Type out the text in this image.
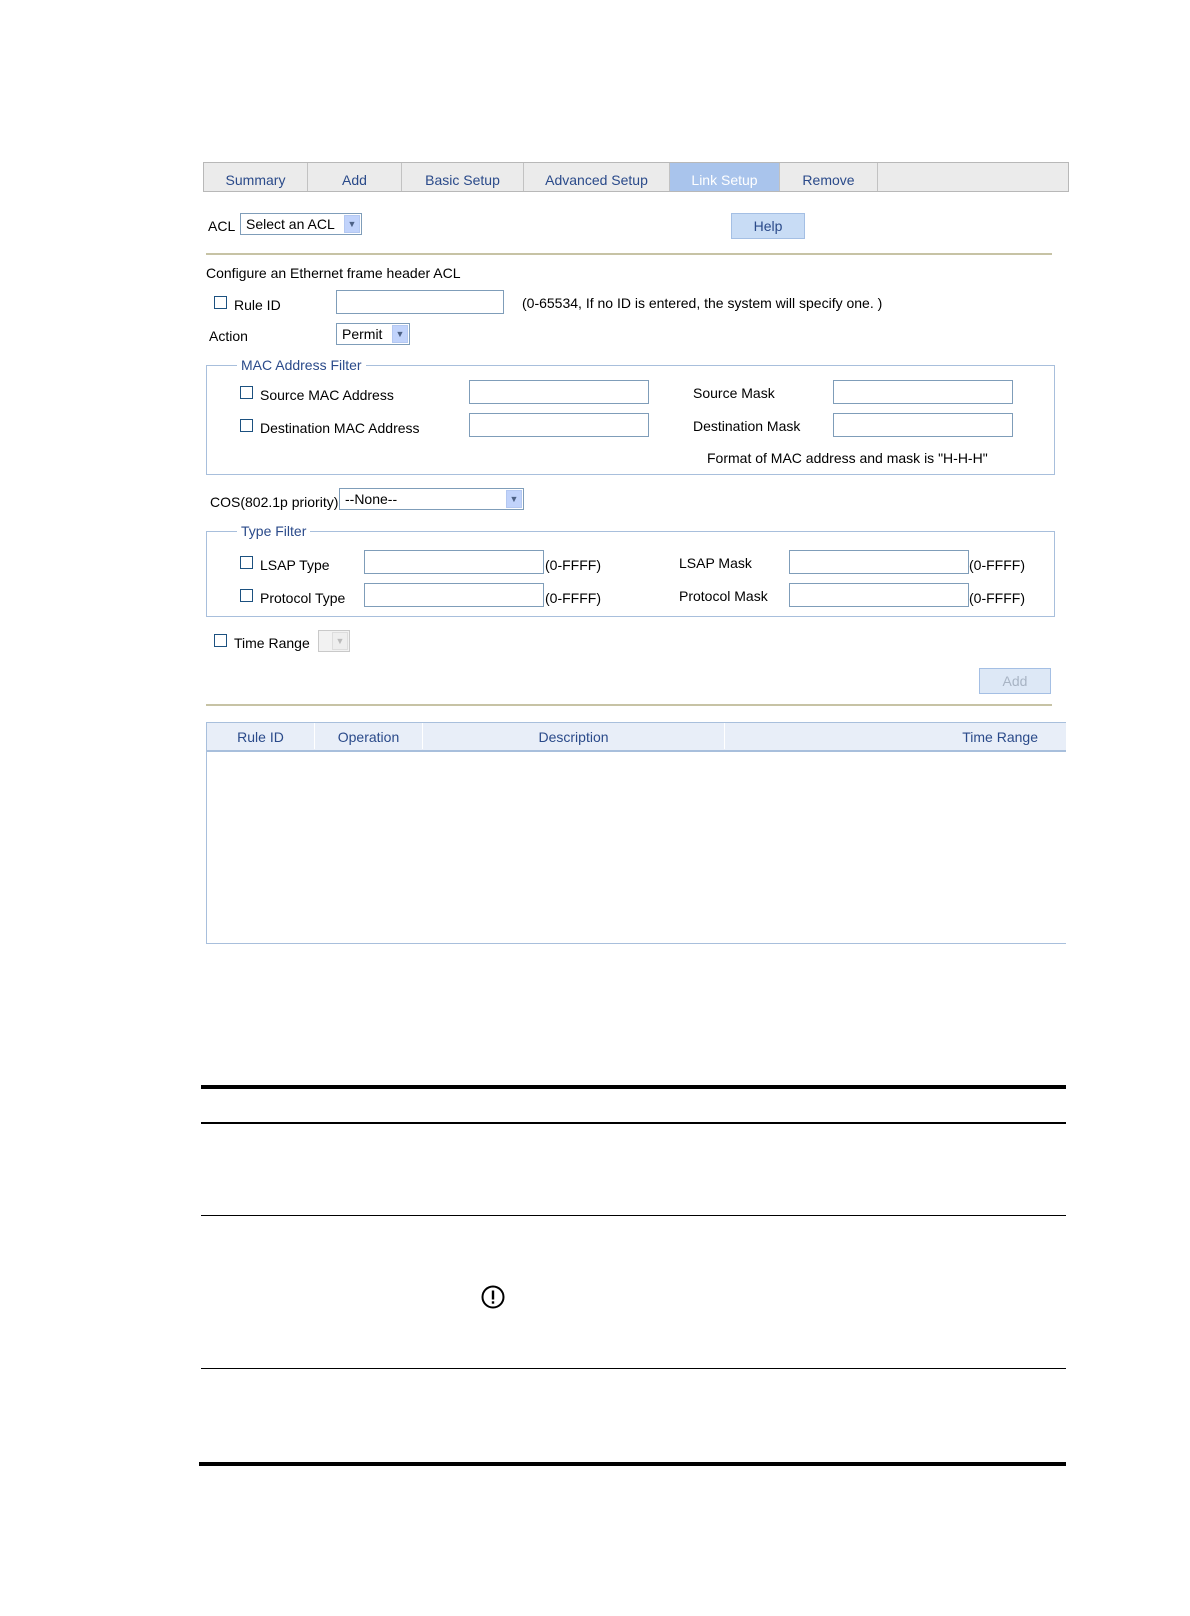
Summary	Add	Basic Setup	Advanced Setup	Link Setup	Remove
ACL Select an ACL	▼	Help
Configure an Ethernet frame header ACL
Rule ID	(0-65534, If no ID is entered, the system will specify one. )
Action	Permit	▼
MAC Address Filter
Source MAC Address	Source Mask
Destination MAC Address	Destination Mask
Format of MAC address and mask is "H-H-H"
COS(802.1p priority) --None--	▼
Type Filter
LSAP Type	(0-FFFF)	LSAP Mask	(0-FFFF)
Protocol Type	(0-FFFF)	Protocol Mask	(0-FFFF)
Time Range	▼
Add
Rule ID	Operation	Description	Time Range
